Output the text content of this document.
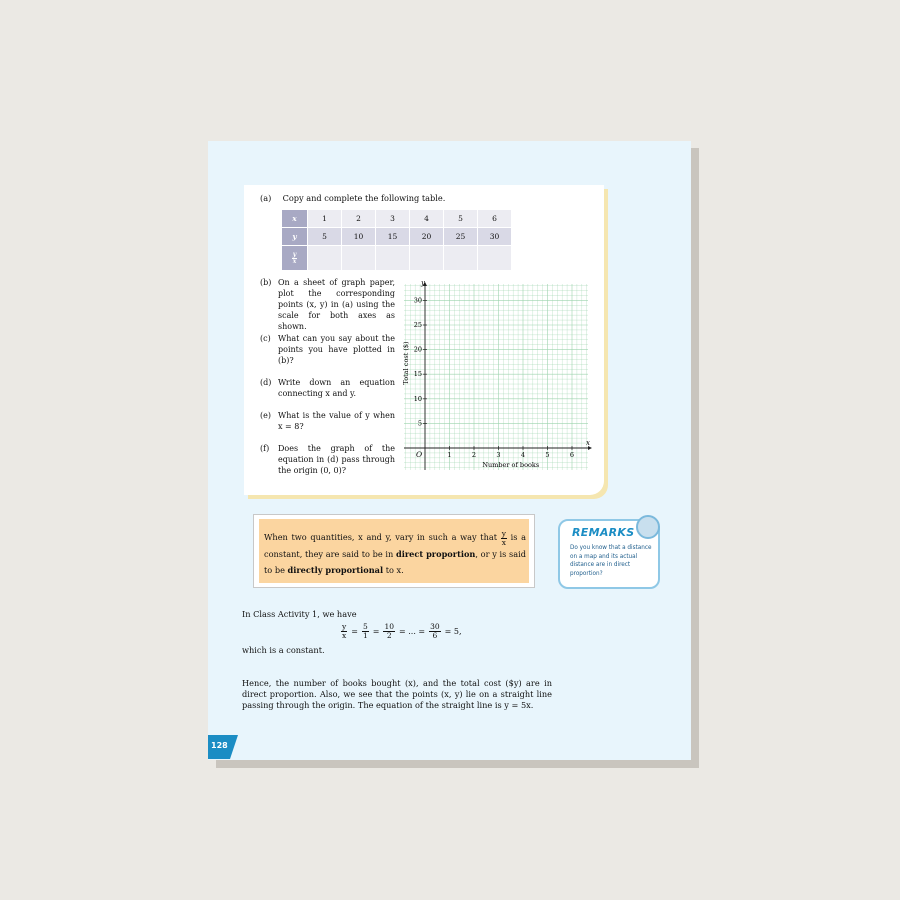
(a) Copy and complete the following table.
x	1	2	3	4	5	6
y	5	10	15	20	25	30

$\frac{y}{x}$

(b) On a sheet of graph paper, plot the corresponding points (x, y) in (a) using the scale for both axes as shown.
(c) What can you say about the points you have plotted in (b)?
(d) Write down an equation connecting x and y.
(e) What is the value of y when x = 8?
(f)	Does the graph of the equation in (d) pass through the origin (0, 0)?
1	2	3	4	5	6
5
10
15
20
25
30
y
x
O
Total cost ($)
Number of books
When two quantities, x and y, vary in such a way that $\frac{y}{x}$ is a constant, they are said to be in direct proportion, or y is said to be directly proportional to x.
REMARKS
Do you know that a distance on a map and its actual distance are in direct proportion?
In Class Activity 1, we have
$\frac{y}{x} = \frac{5}{1} = \frac{10}{2}$ = ... = $\frac{30}{6} = 5$,
which is a constant.
Hence, the number of books bought (x), and the total cost ($y) are in direct proportion. Also, we see that the points (x, y) lie on a straight line passing through the origin. The equation of the straight line is y = 5x.
128
